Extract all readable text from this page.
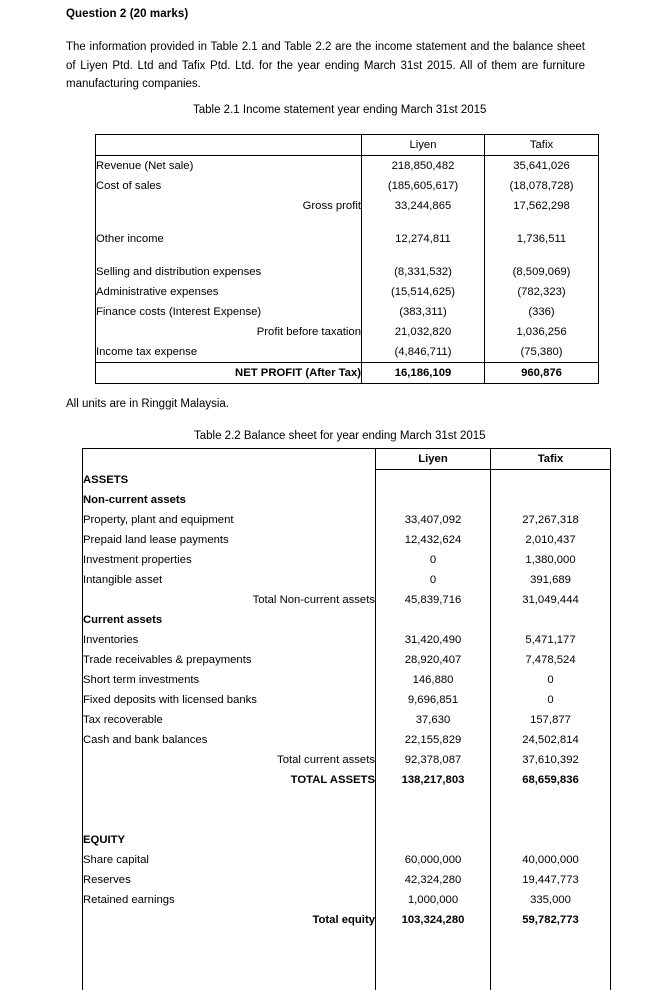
Question 2 (20 marks)
The information provided in Table 2.1 and Table 2.2 are the income statement and the balance sheet of Liyen Ptd. Ltd and Tafix Ptd. Ltd. for the year ending March 31st 2015. All of them are furniture manufacturing companies.
Table 2.1 Income statement year ending March 31st 2015
	Liyen	Tafix
Revenue (Net sale)	218,850,482	35,641,026
Cost of sales	(185,605,617)	(18,078,728)
Gross profit	33,244,865	17,562,298

Other income	12,274,811	1,736,511

Selling and distribution expenses	(8,331,532)	(8,509,069)
Administrative expenses	(15,514,625)	(782,323)
Finance costs (Interest Expense)	(383,311)	(336)
Profit before taxation	21,032,820	1,036,256
Income tax expense	(4,846,711)	(75,380)
NET PROFIT (After Tax)	16,186,109	960,876
All units are in Ringgit Malaysia.
Table 2.2 Balance sheet for year ending March 31st 2015
	Liyen	Tafix
ASSETS		
Non-current assets		
Property, plant and equipment	33,407,092	27,267,318
Prepaid land lease payments	12,432,624	2,010,437
Investment properties	0	1,380,000
Intangible asset	0	391,689
Total Non-current assets	45,839,716	31,049,444
Current assets		
Inventories	31,420,490	5,471,177
Trade receivables & prepayments	28,920,407	7,478,524
Short term investments	146,880	0
Fixed deposits with licensed banks	9,696,851	0
Tax recoverable	37,630	157,877
Cash and bank balances	22,155,829	24,502,814
Total current assets	92,378,087	37,610,392
TOTAL ASSETS	138,217,803	68,659,836

EQUITY		
Share capital	60,000,000	40,000,000
Reserves	42,324,280	19,447,773
Retained earnings	1,000,000	335,000
Total equity	103,324,280	59,782,773
